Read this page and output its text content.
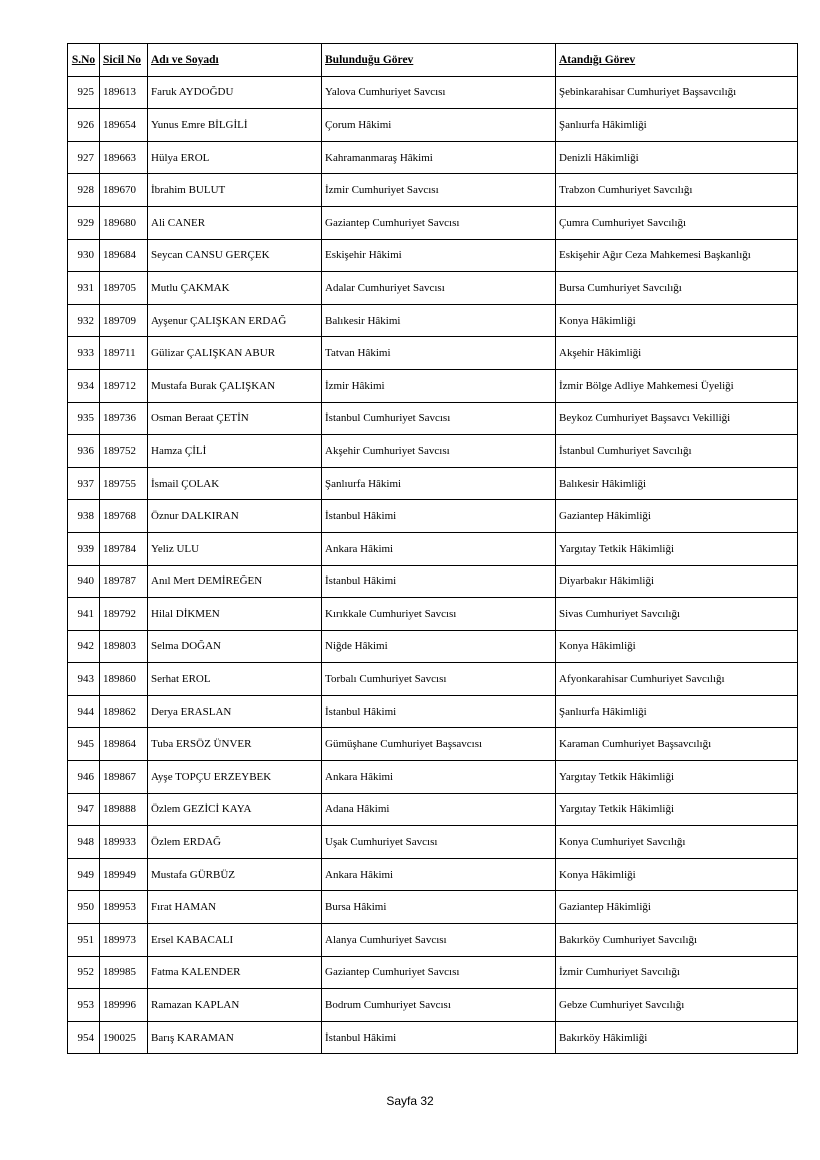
S.No	Sicil No	Adı ve Soyadı	Bulunduğu Görev	Atandığı Görev
925	189613	Faruk AYDOĞDU	Yalova Cumhuriyet Savcısı	Şebinkarahisar Cumhuriyet Başsavcılığı
926	189654	Yunus Emre BİLGİLİ	Çorum Hâkimi	Şanlıurfa Hâkimliği
927	189663	Hülya EROL	Kahramanmaraş Hâkimi	Denizli Hâkimliği
928	189670	İbrahim BULUT	İzmir Cumhuriyet Savcısı	Trabzon Cumhuriyet Savcılığı
929	189680	Ali CANER	Gaziantep Cumhuriyet Savcısı	Çumra Cumhuriyet Savcılığı
930	189684	Seycan CANSU GERÇEK	Eskişehir Hâkimi	Eskişehir Ağır Ceza Mahkemesi Başkanlığı
931	189705	Mutlu ÇAKMAK	Adalar Cumhuriyet Savcısı	Bursa Cumhuriyet Savcılığı
932	189709	Ayşenur ÇALIŞKAN ERDAĞ	Balıkesir Hâkimi	Konya Hâkimliği
933	189711	Gülizar ÇALIŞKAN ABUR	Tatvan Hâkimi	Akşehir Hâkimliği
934	189712	Mustafa Burak ÇALIŞKAN	İzmir Hâkimi	İzmir Bölge Adliye Mahkemesi Üyeliği
935	189736	Osman Beraat ÇETİN	İstanbul Cumhuriyet Savcısı	Beykoz Cumhuriyet Başsavcı Vekilliği
936	189752	Hamza ÇİLİ	Akşehir Cumhuriyet Savcısı	İstanbul Cumhuriyet Savcılığı
937	189755	İsmail ÇOLAK	Şanlıurfa Hâkimi	Balıkesir Hâkimliği
938	189768	Öznur DALKIRAN	İstanbul Hâkimi	Gaziantep Hâkimliği
939	189784	Yeliz ULU	Ankara Hâkimi	Yargıtay Tetkik Hâkimliği
940	189787	Anıl Mert DEMİREĞEN	İstanbul Hâkimi	Diyarbakır Hâkimliği
941	189792	Hilal DİKMEN	Kırıkkale Cumhuriyet Savcısı	Sivas Cumhuriyet Savcılığı
942	189803	Selma DOĞAN	Niğde Hâkimi	Konya Hâkimliği
943	189860	Serhat EROL	Torbalı Cumhuriyet Savcısı	Afyonkarahisar Cumhuriyet Savcılığı
944	189862	Derya ERASLAN	İstanbul Hâkimi	Şanlıurfa Hâkimliği
945	189864	Tuba ERSÖZ ÜNVER	Gümüşhane Cumhuriyet Başsavcısı	Karaman Cumhuriyet Başsavcılığı
946	189867	Ayşe TOPÇU ERZEYBEK	Ankara Hâkimi	Yargıtay Tetkik Hâkimliği
947	189888	Özlem GEZİCİ KAYA	Adana Hâkimi	Yargıtay Tetkik Hâkimliği
948	189933	Özlem ERDAĞ	Uşak Cumhuriyet Savcısı	Konya Cumhuriyet Savcılığı
949	189949	Mustafa GÜRBÜZ	Ankara Hâkimi	Konya Hâkimliği
950	189953	Fırat HAMAN	Bursa Hâkimi	Gaziantep Hâkimliği
951	189973	Ersel KABACALI	Alanya Cumhuriyet Savcısı	Bakırköy Cumhuriyet Savcılığı
952	189985	Fatma KALENDER	Gaziantep Cumhuriyet Savcısı	İzmir Cumhuriyet Savcılığı
953	189996	Ramazan KAPLAN	Bodrum Cumhuriyet Savcısı	Gebze Cumhuriyet Savcılığı
954	190025	Barış KARAMAN	İstanbul Hâkimi	Bakırköy Hâkimliği
Sayfa 32
